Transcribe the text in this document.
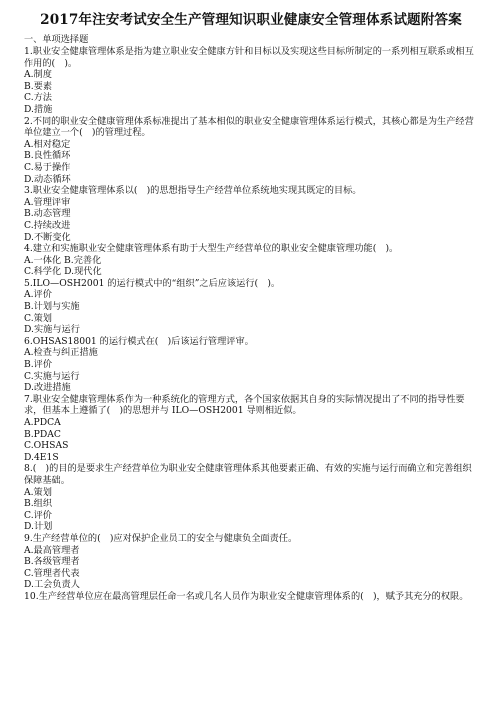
2017年注安考试安全生产管理知识职业健康安全管理体系试题附答案
一、单项选择题
1.职业安全健康管理体系是指为建立职业安全健康方针和目标以及实现这些目标所制定的一系列相互联系或相互作用的(　)。
A.制度
B.要素
C.方法
D.措施
2.不同的职业安全健康管理体系标准提出了基本相似的职业安全健康管理体系运行模式，其核心都是为生产经营单位建立一个(　)的管理过程。
A.相对稳定
B.良性循环
C.易于操作
D.动态循环
3.职业安全健康管理体系以(　)的思想指导生产经营单位系统地实现其既定的目标。
A.管理评审
B.动态管理
C.持续改进
D.不断变化
4.建立和实施职业安全健康管理体系有助于大型生产经营单位的职业安全健康管理功能(　)。
A.一体化 B.完善化
C.科学化 D.现代化
5.ILO—OSH2001 的运行模式中的“组织”之后应该运行(　)。
A.评价
B.计划与实施
C.策划
D.实施与运行
6.OHSAS18001 的运行模式在(　)后该运行管理评审。
A.检查与纠正措施
B.评价
C.实施与运行
D.改进措施
7.职业安全健康管理体系作为一种系统化的管理方式，各个国家依据其自身的实际情况提出了不同的指导性要求，但基本上遵循了(　)的思想并与 ILO—OSH2001 导则相近似。
A.PDCA
B.PDAC
C.OHSAS
D.4E1S
8.(　)的目的是要求生产经营单位为职业安全健康管理体系其他要素正确、有效的实施与运行而确立和完善组织保障基础。
A.策划
B.组织
C.评价
D.计划
9.生产经营单位的(　)应对保护企业员工的安全与健康负全面责任。
A.最高管理者
B.各级管理者
C.管理者代表
D.工会负责人
10.生产经营单位应在最高管理层任命一名或几名人员作为职业安全健康管理体系的(　)，赋予其充分的权限。
